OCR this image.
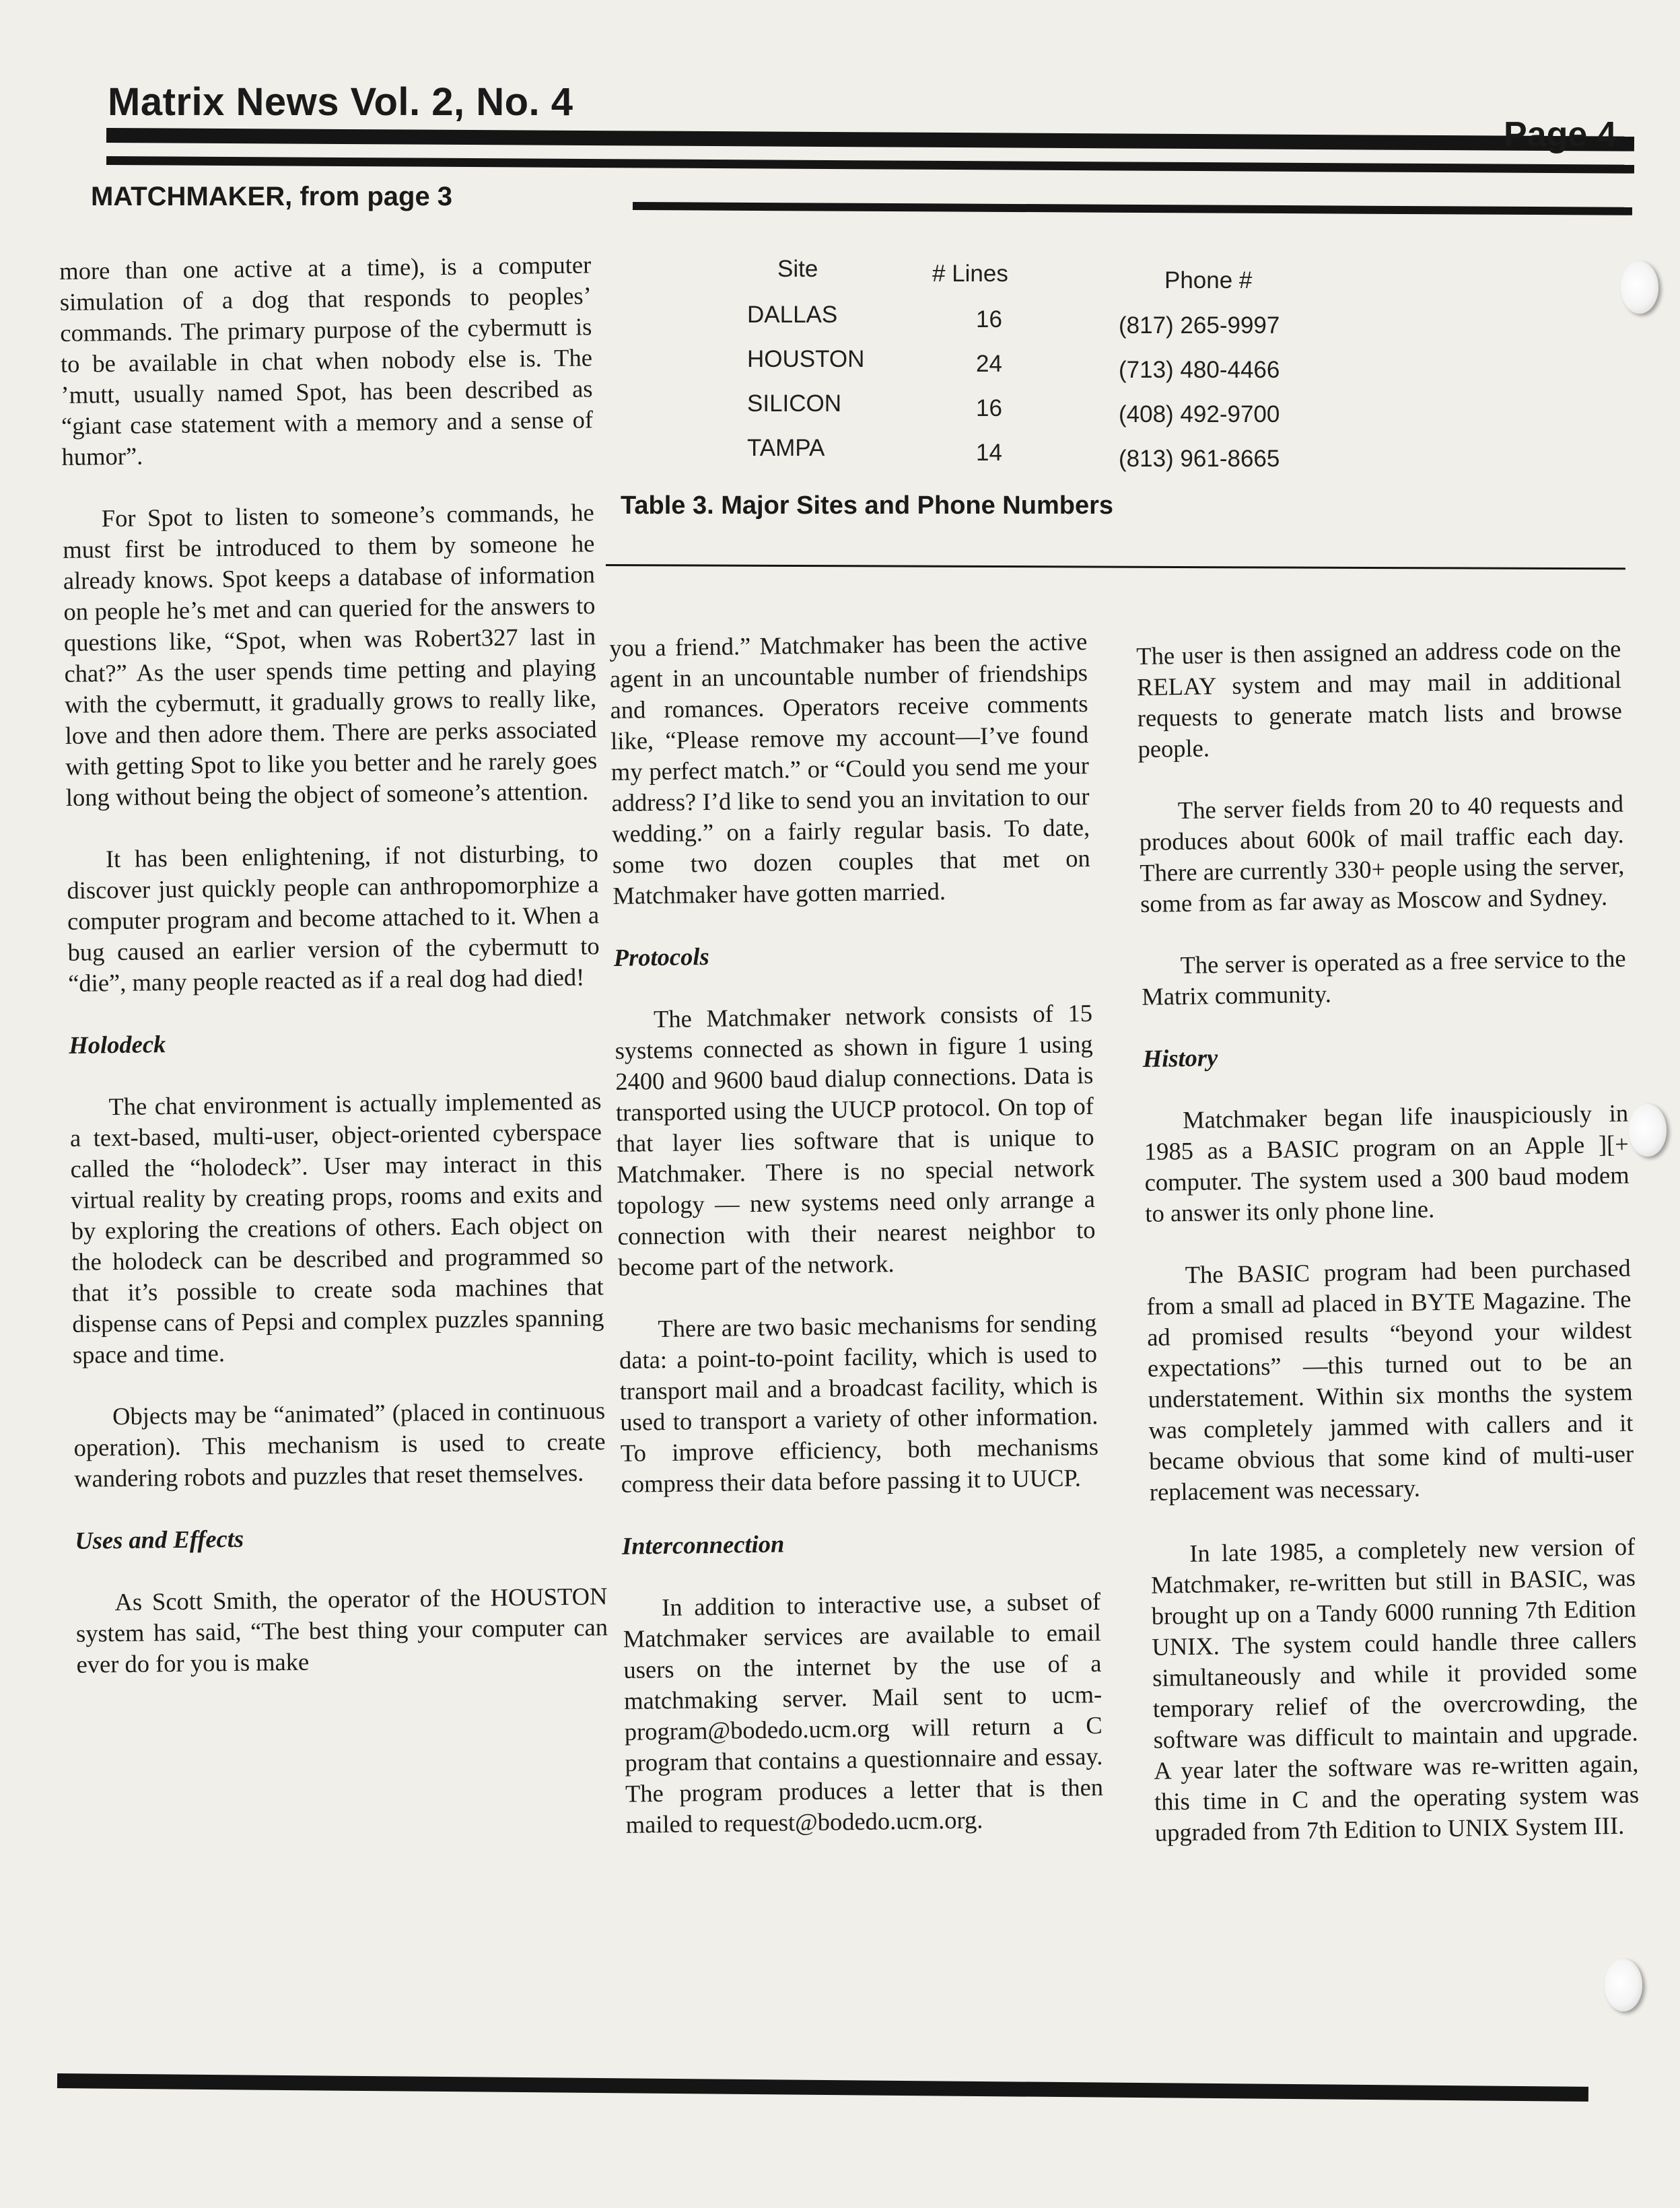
Matrix News Vol. 2, No. 4
Page 4
MATCHMAKER, from page 3
Site	# Lines	Phone #
DALLAS	16	(817) 265-9997
HOUSTON	24	(713) 480-4466
SILICON	16	(408) 492-9700
TAMPA	14	(813) 961-8665
Table 3. Major Sites and Phone Numbers

more than one active at a time), is a computer simulation of a dog that responds to peoples’ commands. The primary purpose of the cybermutt is to be available in chat when nobody else is. The ’mutt, usually named Spot, has been described as “giant case statement with a memory and a sense of humor”.

For Spot to listen to someone’s commands, he must first be introduced to them by someone he already knows. Spot keeps a database of information on people he’s met and can queried for the answers to questions like, “Spot, when was Robert327 last in chat?” As the user spends time petting and playing with the cybermutt, it gradually grows to really like, love and then adore them. There are perks associated with getting Spot to like you better and he rarely goes long without being the object of someone’s attention.

It has been enlightening, if not disturbing, to discover just quickly people can anthropomorphize a computer program and become attached to it. When a bug caused an earlier version of the cybermutt to “die”, many people reacted as if a real dog had died!

Holodeck

The chat environment is actually implemented as a text-based, multi-user, object-oriented cyberspace called the “holodeck”. User may interact in this virtual reality by creating props, rooms and exits and by exploring the creations of others. Each object on the holodeck can be described and programmed so that it’s possible to create soda machines that dispense cans of Pepsi and complex puzzles spanning space and time.

Objects may be “animated” (placed in continuous operation). This mechanism is used to create wandering robots and puzzles that reset themselves.

Uses and Effects

As Scott Smith, the operator of the HOUSTON system has said, “The best thing your computer can ever do for you is make

you a friend.” Matchmaker has been the active agent in an uncountable number of friendships and romances. Operators receive comments like, “Please remove my account—I’ve found my perfect match.” or “Could you send me your address? I’d like to send you an invitation to our wedding.” on a fairly regular basis. To date, some two dozen couples that met on Matchmaker have gotten married.

Protocols

The Matchmaker network consists of 15 systems connected as shown in figure 1 using 2400 and 9600 baud dialup connections. Data is transported using the UUCP protocol. On top of that layer lies software that is unique to Matchmaker. There is no special network topology — new systems need only arrange a connection with their nearest neighbor to become part of the network.

There are two basic mechanisms for sending data: a point-to-point facility, which is used to transport mail and a broadcast facility, which is used to transport a variety of other information. To improve efficiency, both mechanisms compress their data before passing it to UUCP.

Interconnection

In addition to interactive use, a subset of Matchmaker services are available to email users on the internet by the use of a matchmaking server. Mail sent to ucm-program@bodedo.ucm.org will return a C program that contains a questionnaire and essay. The program produces a letter that is then mailed to request@bodedo.ucm.org.

The user is then assigned an address code on the RELAY system and may mail in additional requests to generate match lists and browse people.

The server fields from 20 to 40 requests and produces about 600k of mail traffic each day. There are currently 330+ people using the server, some from as far away as Moscow and Sydney.

The server is operated as a free service to the Matrix community.

History

Matchmaker began life inauspiciously in 1985 as a BASIC program on an Apple ][+ computer. The system used a 300 baud modem to answer its only phone line.

The BASIC program had been purchased from a small ad placed in BYTE Magazine. The ad promised results “beyond your wildest expectations” —this turned out to be an understatement. Within six months the system was completely jammed with callers and it became obvious that some kind of multi-user replacement was necessary.

In late 1985, a completely new version of Matchmaker, re-written but still in BASIC, was brought up on a Tandy 6000 running 7th Edition UNIX. The system could handle three callers simultaneously and while it provided some temporary relief of the overcrowding, the software was difficult to maintain and upgrade. A year later the software was re-written again, this time in C and the operating system was upgraded from 7th Edition to UNIX System III.
